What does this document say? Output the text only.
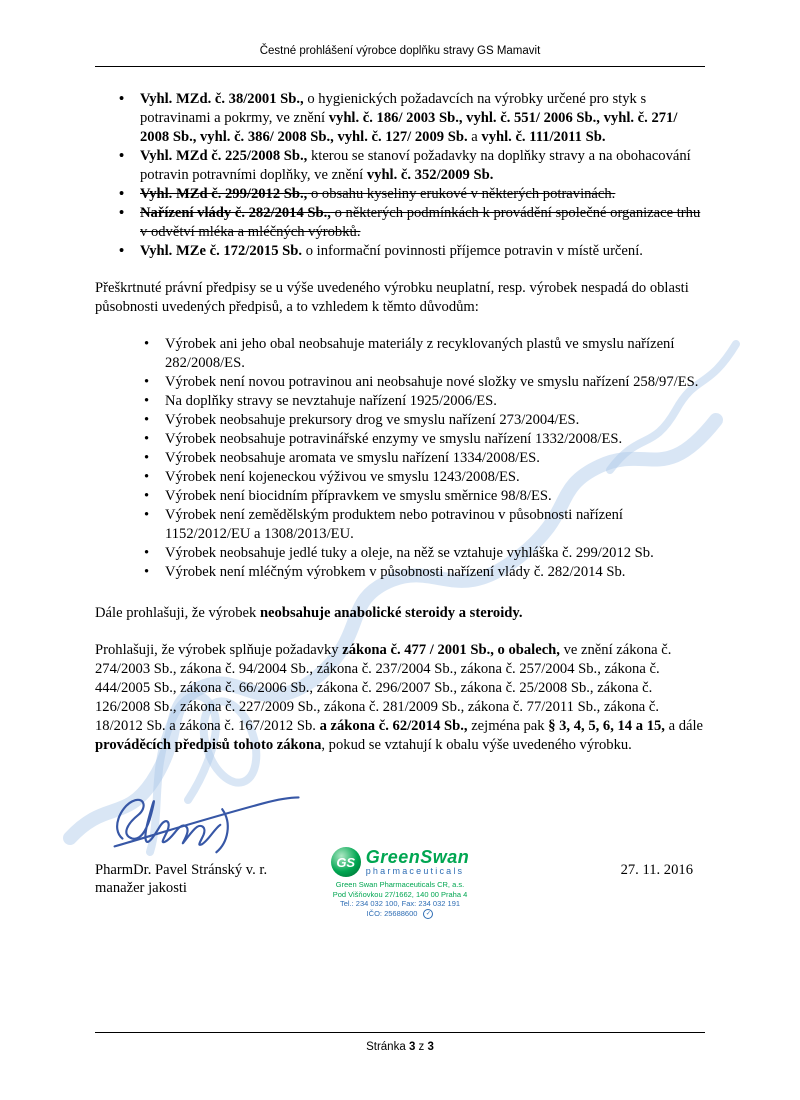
Čestné prohlášení výrobce doplňku stravy GS Mamavit
• Vyhl. MZd. č. 38/2001 Sb., o hygienických požadavcích na výrobky určené pro styk s potravinami a pokrmy, ve znění vyhl. č. 186/ 2003 Sb., vyhl. č. 551/ 2006 Sb., vyhl. č. 271/ 2008 Sb., vyhl. č. 386/ 2008 Sb., vyhl. č. 127/ 2009 Sb. a vyhl. č. 111/2011 Sb.
• Vyhl. MZd č. 225/2008 Sb., kterou se stanoví požadavky na doplňky stravy a na obohacování potravin potravními doplňky, ve znění vyhl. č. 352/2009 Sb.
• Vyhl. MZd č. 299/2012 Sb., o obsahu kyseliny erukové v některých potravinách.
• Nařízení vlády č. 282/2014 Sb., o některých podmínkách k provádění společné organizace trhu v odvětví mléka a mléčných výrobků.
• Vyhl. MZe č. 172/2015 Sb. o informační povinnosti příjemce potravin v místě určení.

Přeškrtnuté právní předpisy se u výše uvedeného výrobku neuplatní, resp. výrobek nespadá do oblasti působnosti uvedených předpisů, a to vzhledem k těmto důvodům:

• Výrobek ani jeho obal neobsahuje materiály z recyklovaných plastů ve smyslu nařízení 282/2008/ES.
• Výrobek není novou potravinou ani neobsahuje nové složky ve smyslu nařízení 258/97/ES.
• Na doplňky stravy se nevztahuje nařízení 1925/2006/ES.
• Výrobek neobsahuje prekursory drog ve smyslu nařízení 273/2004/ES.
• Výrobek neobsahuje potravinářské enzymy ve smyslu nařízení 1332/2008/ES.
• Výrobek neobsahuje aromata ve smyslu nařízení 1334/2008/ES.
• Výrobek není kojeneckou výživou ve smyslu 1243/2008/ES.
• Výrobek není biocidním přípravkem ve smyslu směrnice 98/8/ES.
• Výrobek není zemědělským produktem nebo potravinou v působnosti nařízení 1152/2012/EU a 1308/2013/EU.
• Výrobek neobsahuje jedlé tuky a oleje, na něž se vztahuje vyhláška č. 299/2012 Sb.
• Výrobek není mléčným výrobkem v působnosti nařízení vlády č. 282/2014 Sb.

Dále prohlašuji, že výrobek neobsahuje anabolické steroidy a steroidy.

Prohlašuji, že výrobek splňuje požadavky zákona č. 477 / 2001 Sb., o obalech, ve znění zákona č. 274/2003 Sb., zákona č. 94/2004 Sb., zákona č. 237/2004 Sb., zákona č. 257/2004 Sb., zákona č. 444/2005 Sb., zákona č. 66/2006 Sb., zákona č. 296/2007 Sb., zákona č. 25/2008 Sb., zákona č. 126/2008 Sb., zákona č. 227/2009 Sb., zákona č. 281/2009 Sb., zákona č. 77/2011 Sb., zákona č. 18/2012 Sb. a zákona č. 167/2012 Sb. a zákona č. 62/2014 Sb., zejména pak § 3, 4, 5, 6, 14 a 15, a dále prováděcích předpisů tohoto zákona, pokud se vztahují k obalu výše uvedeného výrobku.

PharmDr. Pavel Stránský v. r.
manažer jakosti
27. 11. 2016
GS GreenSwan
pharmaceuticals
Green Swan Pharmaceuticals CR, a.s.
Pod Višňovkou 27/1662, 140 00 Praha 4
Tel.: 234 032 100, Fax: 234 032 191
IČO: 25688600 ✓
Stránka 3 z 3
